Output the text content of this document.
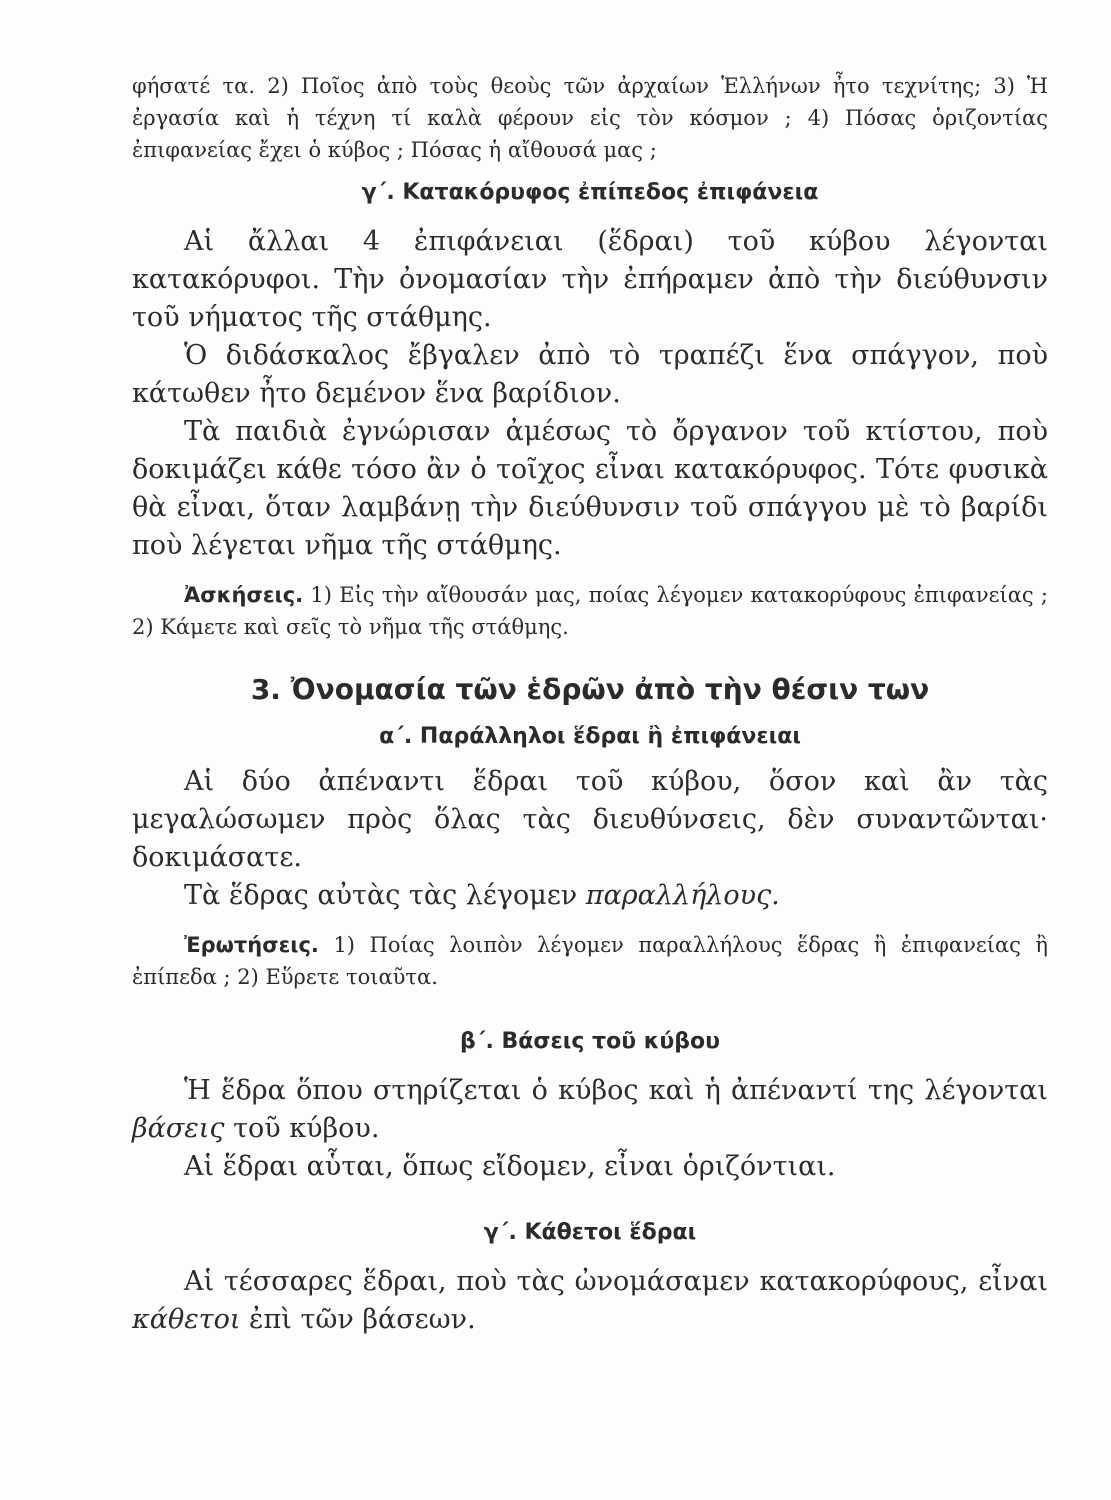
φήσατέ τα. 2) Ποῖος ἀπὸ τοὺς θεοὺς τῶν ἀρχαίων Ἑλλήνων ἦτο τεχνίτης; 3) Ἡ ἐργασία καὶ ἡ τέχνη τί καλὰ φέρουν εἰς τὸν κόσμον ; 4) Πόσας ὁριζοντίας ἐπιφανείας ἔχει ὁ κύβος ; Πόσας ἡ αἴθουσά μας ;

γ΄. Κατακόρυφος ἐπίπεδος ἐπιφάνεια

Αἱ ἄλλαι 4 ἐπιφάνειαι (ἕδραι) τοῦ κύβου λέγονται κατακόρυφοι. Τὴν ὀνομασίαν τὴν ἐπήραμεν ἀπὸ τὴν διεύθυνσιν τοῦ νήματος τῆς στάθμης.

Ὁ διδάσκαλος ἔβγαλεν ἀπὸ τὸ τραπέζι ἕνα σπάγγον, ποὺ κάτωθεν ἦτο δεμένον ἕνα βαρίδιον.

Τὰ παιδιὰ ἐγνώρισαν ἀμέσως τὸ ὄργανον τοῦ κτίστου, ποὺ δοκιμάζει κάθε τόσο ἂν ὁ τοῖχος εἶναι κατακόρυφος. Τότε φυσικὰ θὰ εἶναι, ὅταν λαμβάνῃ τὴν διεύθυνσιν τοῦ σπάγγου μὲ τὸ βαρίδι ποὺ λέγεται νῆμα τῆς στάθμης.

Ἀσκήσεις. 1) Εἰς τὴν αἴθουσάν μας, ποίας λέγομεν κατακορύφους ἐπιφανείας ; 2) Κάμετε καὶ σεῖς τὸ νῆμα τῆς στάθμης.

3. Ὀνομασία τῶν ἑδρῶν ἀπὸ τὴν θέσιν των
α΄. Παράλληλοι ἕδραι ἢ ἐπιφάνειαι

Αἱ δύο ἀπέναντι ἕδραι τοῦ κύβου, ὅσον καὶ ἂν τὰς μεγαλώσωμεν πρὸς ὅλας τὰς διευθύνσεις, δὲν συναντῶνται· δοκιμάσατε.

Τὰ ἕδρας αὐτὰς τὰς λέγομεν παραλλήλους.

Ἐρωτήσεις. 1) Ποίας λοιπὸν λέγομεν παραλλήλους ἕδρας ἢ ἐπιφανείας ἢ ἐπίπεδα ; 2) Εὕρετε τοιαῦτα.

β΄. Βάσεις τοῦ κύβου

Ἡ ἕδρα ὅπου στηρίζεται ὁ κύβος καὶ ἡ ἀπέναντί της λέγονται βάσεις τοῦ κύβου.

Αἱ ἕδραι αὗται, ὅπως εἴδομεν, εἶναι ὁριζόντιαι.

γ΄. Κάθετοι ἕδραι

Αἱ τέσσαρες ἕδραι, ποὺ τὰς ὠνομάσαμεν κατακορύφους, εἶναι κάθετοι ἐπὶ τῶν βάσεων.
